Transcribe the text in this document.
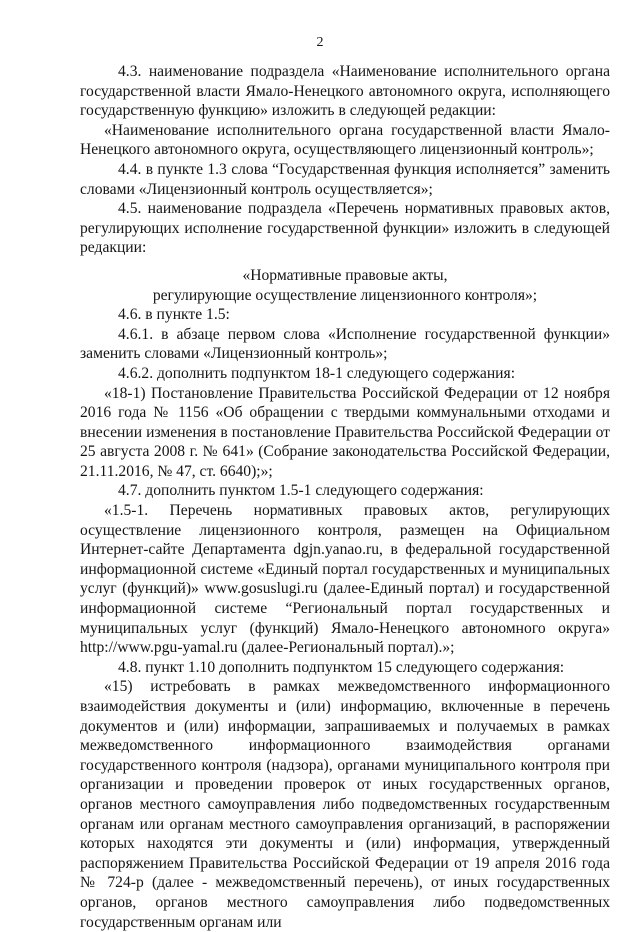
2

4.3. наименование подраздела «Наименование исполнительного органа государственной власти Ямало-Ненецкого автономного округа, исполняющего государственную функцию» изложить в следующей редакции:

«Наименование исполнительного органа государственной власти Ямало-Ненецкого автономного округа, осуществляющего лицензионный контроль»;

4.4. в пункте 1.3 слова “Государственная функция исполняется” заменить словами «Лицензионный контроль осуществляется»;

4.5. наименование подраздела «Перечень нормативных правовых актов, регулирующих исполнение государственной функции» изложить в следующей редакции:

«Нормативные правовые акты,

регулирующие осуществление лицензионного контроля»;

4.6. в пункте 1.5:

4.6.1. в абзаце первом слова «Исполнение государственной функции» заменить словами «Лицензионный контроль»;

4.6.2. дополнить подпунктом 18-1 следующего содержания:

«18-1) Постановление Правительства Российской Федерации от 12 ноября 2016 года № 1156 «Об обращении с твердыми коммунальными отходами и внесении изменения в постановление Правительства Российской Федерации от 25 августа 2008 г. № 641» (Собрание законодательства Российской Федерации, 21.11.2016, № 47, ст. 6640);»;

4.7. дополнить пунктом 1.5-1 следующего содержания:

«1.5-1. Перечень нормативных правовых актов, регулирующих осуществление лицензионного контроля, размещен на Официальном Интернет-сайте Департамента dgjn.yanao.ru, в федеральной государственной информационной системе «Единый портал государственных и муниципальных услуг (функций)» www.gosuslugi.ru (далее-Единый портал) и государственной информационной системе “Региональный портал государственных и муниципальных услуг (функций) Ямало-Ненецкого автономного округа» http://www.pgu-yamal.ru (далее-Региональный портал).»;

4.8. пункт 1.10 дополнить подпунктом 15 следующего содержания:

«15) истребовать в рамках межведомственного информационного взаимодействия документы и (или) информацию, включенные в перечень документов и (или) информации, запрашиваемых и получаемых в рамках межведомственного информационного взаимодействия органами государственного контроля (надзора), органами муниципального контроля при организации и проведении проверок от иных государственных органов, органов местного самоуправления либо подведомственных государственным органам или органам местного самоуправления организаций, в распоряжении которых находятся эти документы и (или) информация, утвержденный распоряжением Правительства Российской Федерации от 19 апреля 2016 года № 724-р (далее - межведомственный перечень), от иных государственных органов, органов местного самоуправления либо подведомственных государственным органам или
